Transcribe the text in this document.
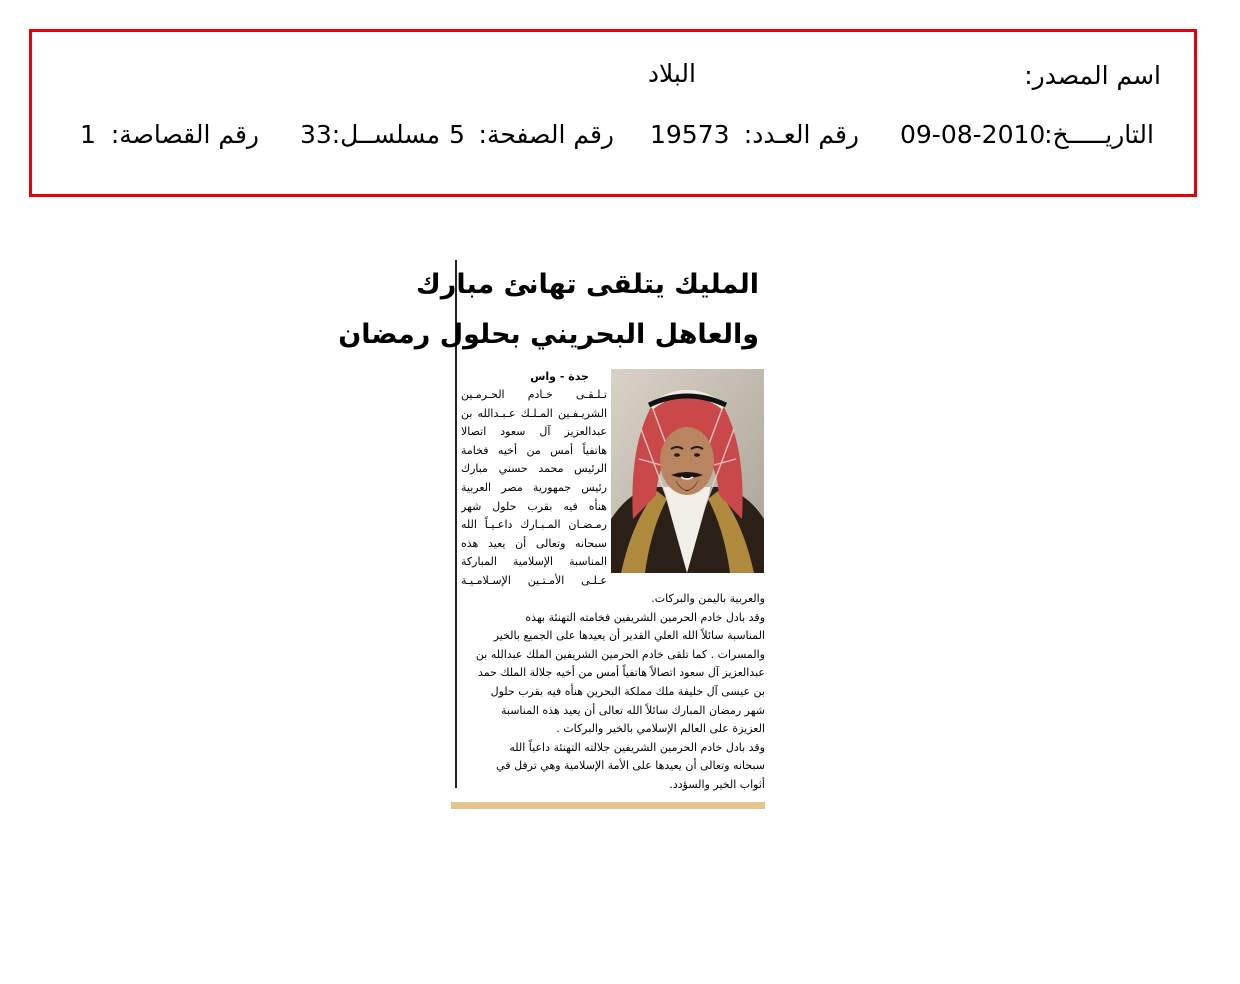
اسم المصدر:
البلاد
التاريـــــخ:
09-08-2010
رقم العـدد:
19573
رقم الصفحة:
5
مسلســل:
33
رقم القصاصة:
1
المليك يتلقى تهانئ مبارك
والعاهل البحريني بحلول رمضان
جدة - واس
تـلـقـى خـادم الحـرمـين
الشريـفـين المـلـك عـبـدالله بن
عبدالعزيز آل سعود اتصالا
هاتفياً أمس من أخيه فخامة
الرئيس محمد حسني مبارك
رئيس جمهورية مصر العربية
هنأه فيه بقرب حلول شهر
رمـضـان المـبـارك داعـيـاً الله
سبحانه وتعالى أن يعيد هذه
المناسبة الإسلامية المباركة
عـلـى الأمـتـين الإسـلامـيـة
والعربية باليمن والبركات.
وقد بادل خادم الحرمين الشريفين فخامته التهنئة بهذه
المناسبة سائلاً الله العلي القدير أن يعيدها على الجميع بالخير
والمسرات . كما تلقى خادم الحرمين الشريفين الملك عبدالله بن
عبدالعزيز آل سعود اتصالاً هاتفياً أمس من أخيه جلالة الملك حمد
بن عيسى آل خليفة ملك مملكة البحرين هنأه فيه بقرب حلول
شهر رمضان المبارك سائلاً الله تعالى أن يعيد هذه المناسبة
العزيزة على العالم الإسلامي بالخير والبركات .
وقد بادل خادم الحرمين الشريفين جلالته التهنئة داعياً الله
سبحانه وتعالى أن يعيدها على الأمة الإسلامية وهي ترفل في
أثواب الخير والسؤدد.
